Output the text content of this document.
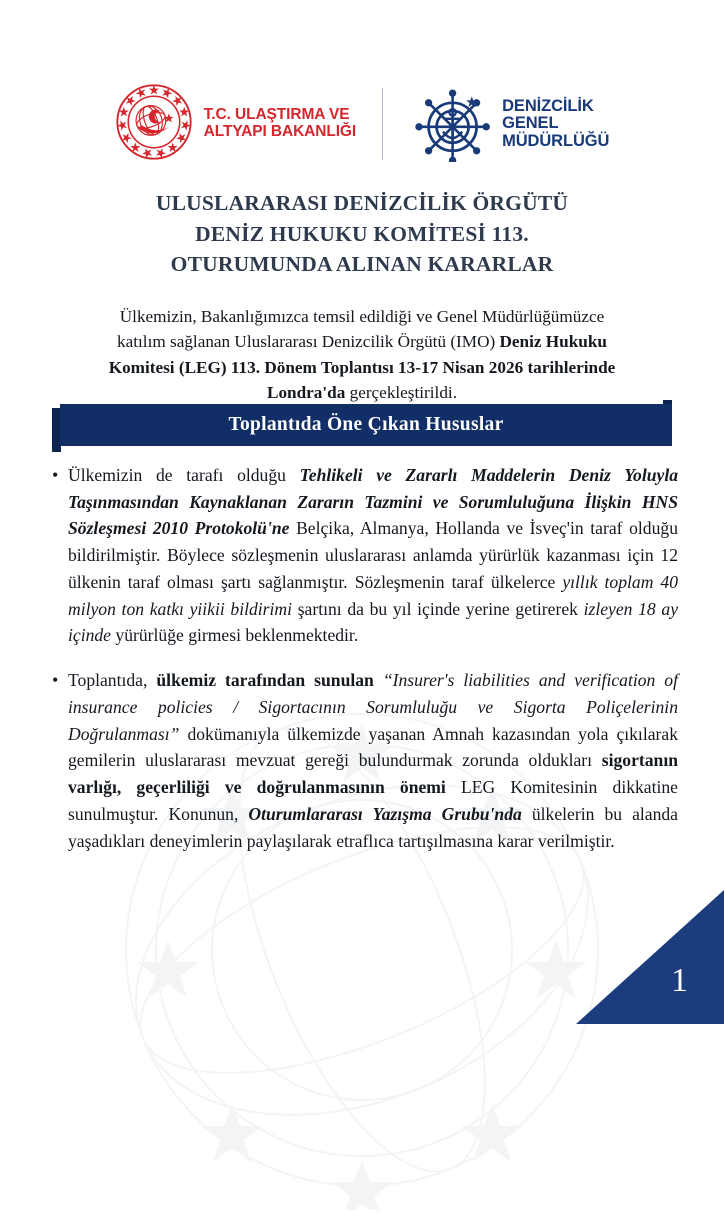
T.C. ULAŞTIRMA VE
ALTYAPI BAKANLIĞI
DENİZCİLİK
GENEL
MÜDÜRLÜĞÜ
ULUSLARARASI DENİZCİLİK ÖRGÜTÜ
DENİZ HUKUKU KOMİTESİ 113.
OTURUMUNDA ALINAN KARARLAR

Ülkemizin, Bakanlığımızca temsil edildiği ve Genel Müdürlüğümüzce katılım sağlanan Uluslararası Denizcilik Örgütü (IMO) Deniz Hukuku Komitesi (LEG) 113. Dönem Toplantısı 13-17 Nisan 2026 tarihlerinde Londra'da gerçekleştirildi.

Toplantıda Öne Çıkan Hususlar
• Ülkemizin de tarafı olduğu Tehlikeli ve Zararlı Maddelerin Deniz Yoluyla Taşınmasından Kaynaklanan Zararın Tazmini ve Sorumluluğuna İlişkin HNS Sözleşmesi 2010 Protokolü'ne Belçika, Almanya, Hollanda ve İsveç'in taraf olduğu bildirilmiştir. Böylece sözleşmenin uluslararası anlamda yürürlük kazanması için 12 ülkenin taraf olması şartı sağlanmıştır. Sözleşmenin taraf ülkelerce yıllık toplam 40 milyon ton katkı yiikii bildirimi şartını da bu yıl içinde yerine getirerek izleyen 18 ay içinde yürürlüğe girmesi beklenmektedir.
• Toplantıda, ülkemiz tarafından sunulan “Insurer's liabilities and verification of insurance policies / Sigortacının Sorumluluğu ve Sigorta Poliçelerinin Doğrulanması” dokümanıyla ülkemizde yaşanan Amnah kazasından yola çıkılarak gemilerin uluslararası mevzuat gereği bulundurmak zorunda oldukları sigortanın varlığı, geçerliliği ve doğrulanmasının önemi LEG Komitesinin dikkatine sunulmuştur. Konunun, Oturumlararası Yazışma Grubu'nda ülkelerin bu alanda yaşadıkları deneyimlerin paylaşılarak etraflıca tartışılmasına karar verilmiştir.
1
